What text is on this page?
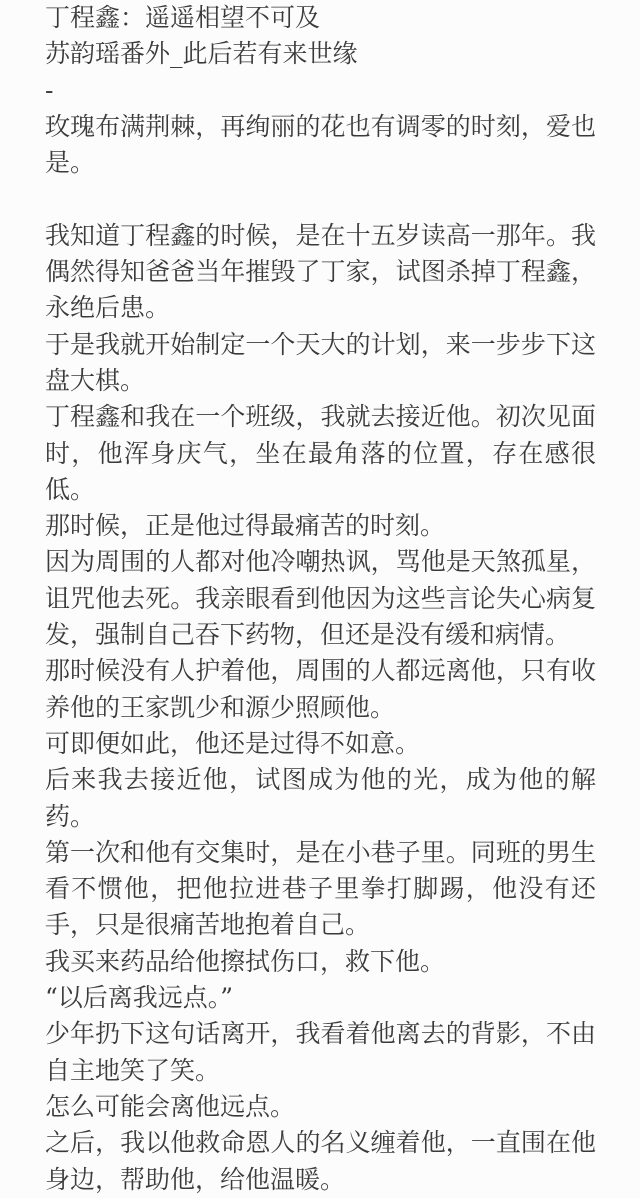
丁程鑫：遥遥相望不可及

苏韵瑶番外_此后若有来世缘

-

玫瑰布满荆棘，再绚丽的花也有调零的时刻，爱也是。

我知道丁程鑫的时候，是在十五岁读高一那年。我偶然得知爸爸当年摧毁了丁家，试图杀掉丁程鑫，永绝后患。

于是我就开始制定一个天大的计划，来一步步下这盘大棋。

丁程鑫和我在一个班级，我就去接近他。初次见面时，他浑身庆气，坐在最角落的位置，存在感很低。

那时候，正是他过得最痛苦的时刻。

因为周围的人都对他冷嘲热讽，骂他是天煞孤星，诅咒他去死。我亲眼看到他因为这些言论失心病复发，强制自己吞下药物，但还是没有缓和病情。

那时候没有人护着他，周围的人都远离他，只有收养他的王家凯少和源少照顾他。

可即便如此，他还是过得不如意。

后来我去接近他，试图成为他的光，成为他的解药。

第一次和他有交集时，是在小巷子里。同班的男生看不惯他，把他拉进巷子里拳打脚踢，他没有还手，只是很痛苦地抱着自己。

我买来药品给他擦拭伤口，救下他。

“以后离我远点。”

少年扔下这句话离开，我看着他离去的背影，不由自主地笑了笑。

怎么可能会离他远点。

之后，我以他救命恩人的名义缠着他，一直围在他身边，帮助他，给他温暖。
